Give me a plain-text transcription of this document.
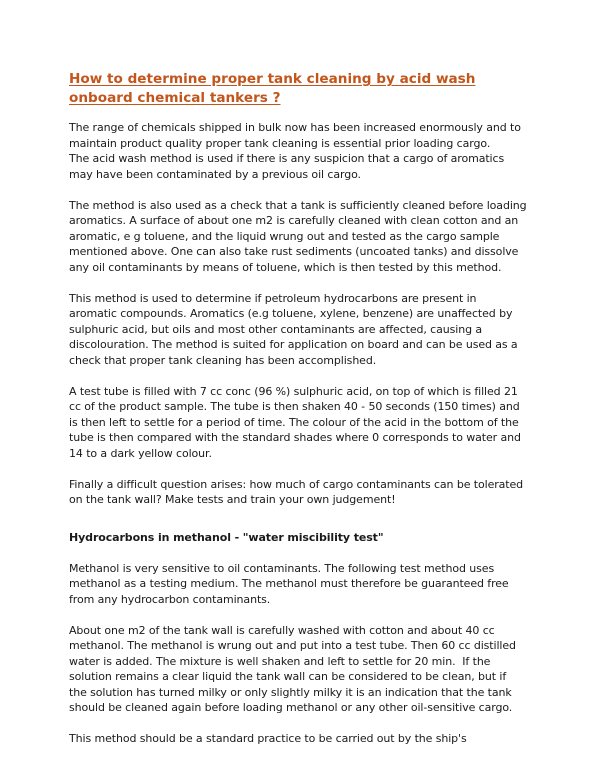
How to determine proper tank cleaning by acid wash
onboard chemical tankers ?

The range of chemicals shipped in bulk now has been increased enormously and to
maintain product quality proper tank cleaning is essential prior loading cargo.
The acid wash method is used if there is any suspicion that a cargo of aromatics
may have been contaminated by a previous oil cargo.

The method is also used as a check that a tank is sufficiently cleaned before loading
aromatics. A surface of about one m2 is carefully cleaned with clean cotton and an
aromatic, e g toluene, and the liquid wrung out and tested as the cargo sample
mentioned above. One can also take rust sediments (uncoated tanks) and dissolve
any oil contaminants by means of toluene, which is then tested by this method.

This method is used to determine if petroleum hydrocarbons are present in
aromatic compounds. Aromatics (e.g toluene, xylene, benzene) are unaffected by
sulphuric acid, but oils and most other contaminants are affected, causing a
discolouration. The method is suited for application on board and can be used as a
check that proper tank cleaning has been accomplished.

A test tube is filled with 7 cc conc (96 %) sulphuric acid, on top of which is filled 21
cc of the product sample. The tube is then shaken 40 - 50 seconds (150 times) and
is then left to settle for a period of time. The colour of the acid in the bottom of the
tube is then compared with the standard shades where 0 corresponds to water and
14 to a dark yellow colour.

Finally a difficult question arises: how much of cargo contaminants can be tolerated
on the tank wall? Make tests and train your own judgement!

Hydrocarbons in methanol - "water miscibility test"

Methanol is very sensitive to oil contaminants. The following test method uses
methanol as a testing medium. The methanol must therefore be guaranteed free
from any hydrocarbon contaminants.

About one m2 of the tank wall is carefully washed with cotton and about 40 cc
methanol. The methanol is wrung out and put into a test tube. Then 60 cc distilled
water is added. The mixture is well shaken and left to settle for 20 min.  If the
solution remains a clear liquid the tank wall can be considered to be clean, but if
the solution has turned milky or only slightly milky it is an indication that the tank
should be cleaned again before loading methanol or any other oil-sensitive cargo.

This method should be a standard practice to be carried out by the ship's
